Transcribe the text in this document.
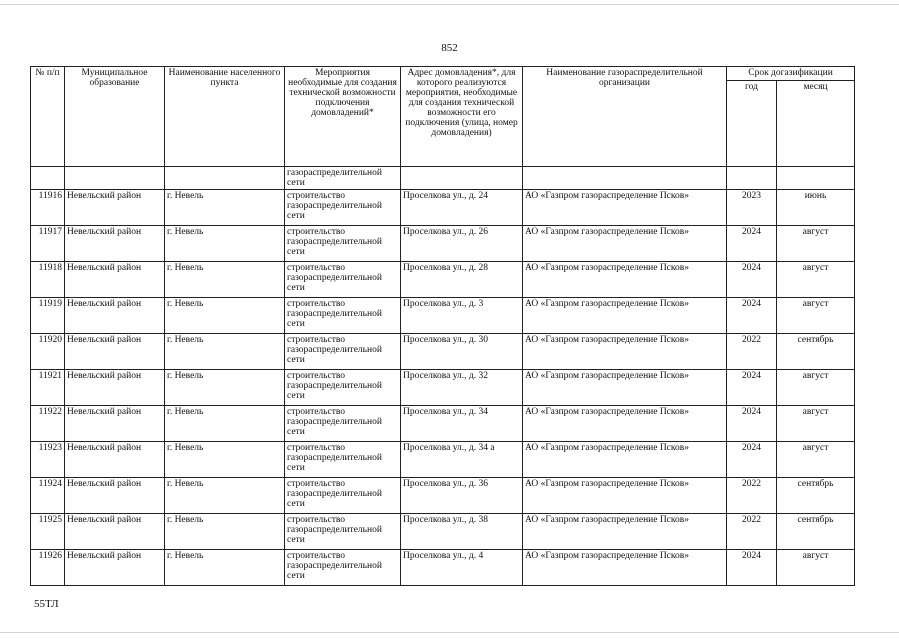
852
№ п/п	Муниципальное образование	Наименование населенного пункта	Мероприятия необходимые для создания технической возможности подключения домовладений*	Адрес домовладения*, для которого реализуются мероприятия, необходимые для создания технической возможности его подключения (улица, номер домовладения)	Наименование газораспределительной организации	Срок догазификации	
						год	месяц
			газораспределительной сети				
11916	Невельский район	г. Невель	строительство газораспределительной сети	Проселкова ул., д. 24	АО «Газпром газораспределение Псков»	2023	июнь
11917	Невельский район	г. Невель	строительство газораспределительной сети	Проселкова ул., д. 26	АО «Газпром газораспределение Псков»	2024	август
11918	Невельский район	г. Невель	строительство газораспределительной сети	Проселкова ул., д. 28	АО «Газпром газораспределение Псков»	2024	август
11919	Невельский район	г. Невель	строительство газораспределительной сети	Проселкова ул., д. 3	АО «Газпром газораспределение Псков»	2024	август
11920	Невельский район	г. Невель	строительство газораспределительной сети	Проселкова ул., д. 30	АО «Газпром газораспределение Псков»	2022	сентябрь
11921	Невельский район	г. Невель	строительство газораспределительной сети	Проселкова ул., д. 32	АО «Газпром газораспределение Псков»	2024	август
11922	Невельский район	г. Невель	строительство газораспределительной сети	Проселкова ул., д. 34	АО «Газпром газораспределение Псков»	2024	август
11923	Невельский район	г. Невель	строительство газораспределительной сети	Проселкова ул., д. 34 а	АО «Газпром газораспределение Псков»	2024	август
11924	Невельский район	г. Невель	строительство газораспределительной сети	Проселкова ул., д. 36	АО «Газпром газораспределение Псков»	2022	сентябрь
11925	Невельский район	г. Невель	строительство газораспределительной сети	Проселкова ул., д. 38	АО «Газпром газораспределение Псков»	2022	сентябрь
11926	Невельский район	г. Невель	строительство газораспределительной сети	Проселкова ул., д. 4	АО «Газпром газораспределение Псков»	2024	август
55ТЛ
